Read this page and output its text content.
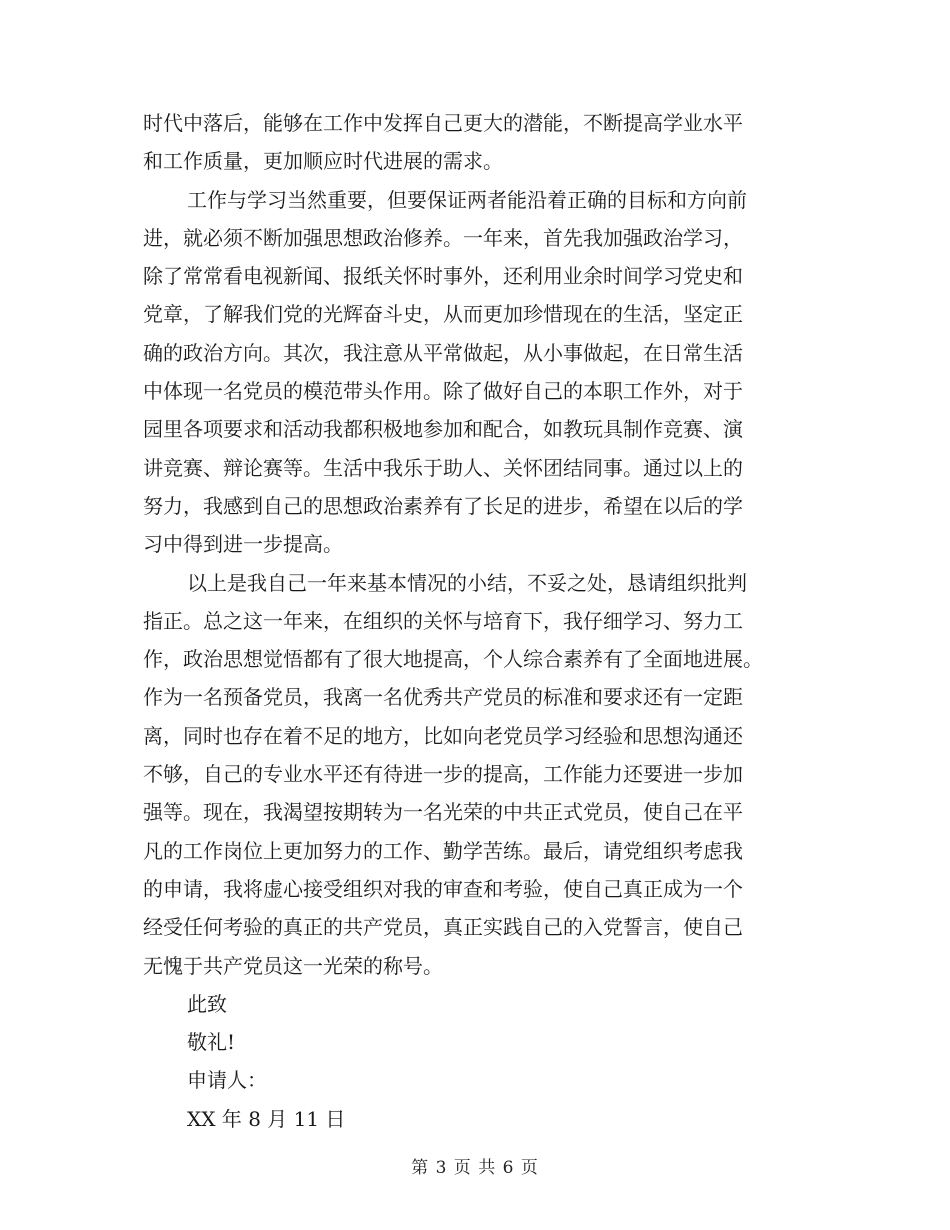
时代中落后，能够在工作中发挥自己更大的潜能，不断提高学业水平
和工作质量，更加顺应时代进展的需求。
工作与学习当然重要，但要保证两者能沿着正确的目标和方向前
进，就必须不断加强思想政治修养。一年来，首先我加强政治学习，
除了常常看电视新闻、报纸关怀时事外，还利用业余时间学习党史和
党章，了解我们党的光辉奋斗史，从而更加珍惜现在的生活，坚定正
确的政治方向。其次，我注意从平常做起，从小事做起，在日常生活
中体现一名党员的模范带头作用。除了做好自己的本职工作外，对于
园里各项要求和活动我都积极地参加和配合，如教玩具制作竞赛、演
讲竞赛、辩论赛等。生活中我乐于助人、关怀团结同事。通过以上的
努力，我感到自己的思想政治素养有了长足的进步，希望在以后的学
习中得到进一步提高。
以上是我自己一年来基本情况的小结，不妥之处，恳请组织批判
指正。总之这一年来，在组织的关怀与培育下，我仔细学习、努力工
作，政治思想觉悟都有了很大地提高，个人综合素养有了全面地进展。
作为一名预备党员，我离一名优秀共产党员的标准和要求还有一定距
离，同时也存在着不足的地方，比如向老党员学习经验和思想沟通还
不够，自己的专业水平还有待进一步的提高，工作能力还要进一步加
强等。现在，我渴望按期转为一名光荣的中共正式党员，使自己在平
凡的工作岗位上更加努力的工作、勤学苦练。最后，请党组织考虑我
的申请，我将虚心接受组织对我的审查和考验，使自己真正成为一个
经受任何考验的真正的共产党员，真正实践自己的入党誓言，使自己
无愧于共产党员这一光荣的称号。
此致
敬礼!
申请人：
XX 年 8 月 11 日
第 3 页 共 6 页
